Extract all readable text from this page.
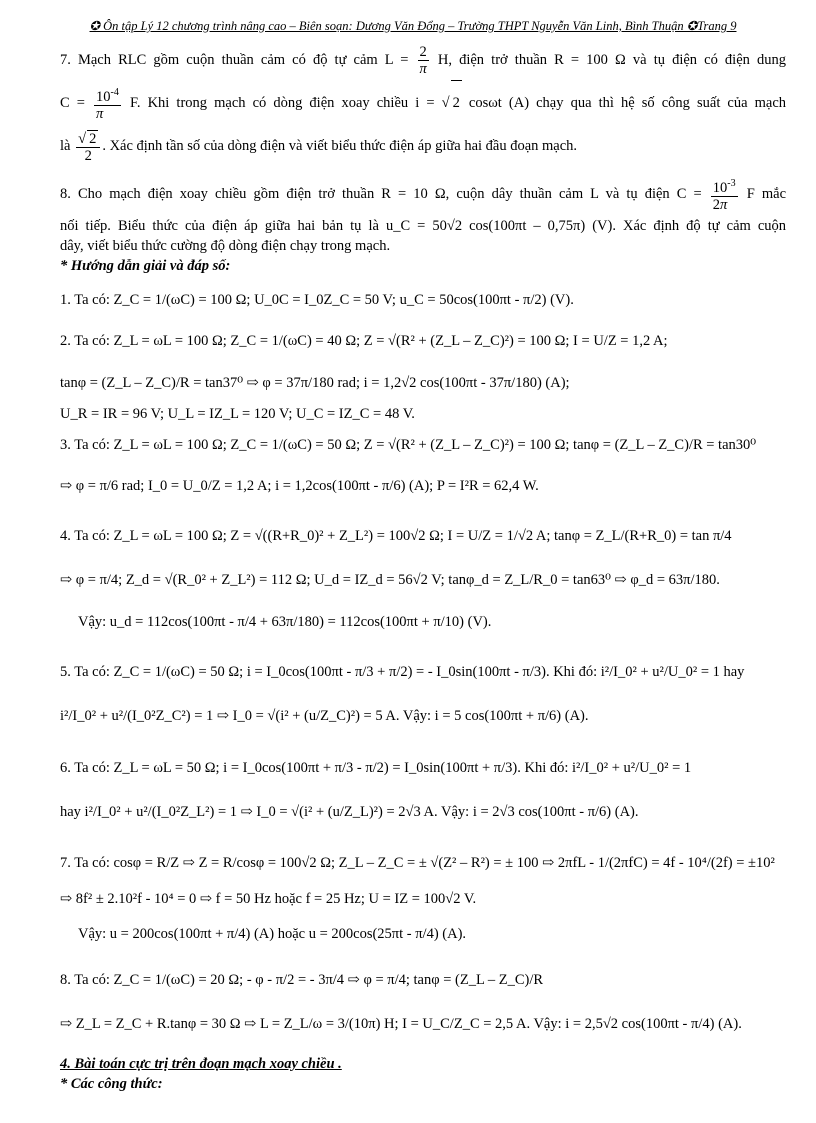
✪ Ôn tập Lý 12 chương trình nâng cao – Biên soạn: Dương Văn Đổng – Trường THPT Nguyễn Văn Linh, Bình Thuận ✪Trang 9
7. Mạch RLC gồm cuộn thuần cảm có độ tự cảm $L = \frac{2}{\pi} H$, điện trở thuần R = 100 Ω và tụ điện có điện dung
$C = \frac{10^{-4}}{\pi} F$. Khi trong mạch có dòng điện xoay chiều i = √ 2 cosωt (A) chạy qua thì hệ số công suất của mạch
là $\frac{√ 2}{2}$ . Xác định tần số của dòng điện và viết biểu thức điện áp giữa hai đầu đoạn mạch.
8. Cho mạch điện xoay chiều gồm điện trở thuần R = 10 Ω, cuộn dây thuần cảm L và tụ điện $C = \frac{10^{-3}}{2\pi}$ F mắc
nối tiếp. Biểu thức của điện áp giữa hai bản tụ là u_C = 50√2 cos(100πt – 0,75π) (V). Xác định độ tự cảm cuộn
dây, viết biểu thức cường độ dòng điện chạy trong mạch.
* Hướng dẫn giải và đáp số:
1. Ta có: Z_C = 1/(ωC) = 100 Ω; U_0C = I_0Z_C = 50 V; u_C = 50cos(100πt - π/2) (V).
2. Ta có: Z_L = ωL = 100 Ω; Z_C = 1/(ωC) = 40 Ω; Z = √(R² + (Z_L – Z_C)²) = 100 Ω; I = U/Z = 1,2 A;
tanφ = (Z_L – Z_C)/R = tan37⁰ ⇨ φ = 37π/180 rad; i = 1,2√2 cos(100πt - 37π/180) (A);
U_R = IR = 96 V; U_L = IZ_L = 120 V; U_C = IZ_C = 48 V.
3. Ta có: Z_L = ωL = 100 Ω; Z_C = 1/(ωC) = 50 Ω; Z = √(R² + (Z_L – Z_C)²) = 100 Ω; tanφ = (Z_L – Z_C)/R = tan30⁰
⇨ φ = π/6 rad; I_0 = U_0/Z = 1,2 A; i = 1,2cos(100πt - π/6) (A); P = I²R = 62,4 W.
4. Ta có: Z_L = ωL = 100 Ω; Z = √((R+R_0)² + Z_L²) = 100√2 Ω; I = U/Z = 1/√2 A; tanφ = Z_L/(R+R_0) = tan π/4
⇨ φ = π/4; Z_d = √(R_0² + Z_L²) = 112 Ω; U_d = IZ_d = 56√2 V; tanφ_d = Z_L/R_0 = tan63⁰ ⇨ φ_d = 63π/180.
Vậy: u_d = 112cos(100πt - π/4 + 63π/180) = 112cos(100πt + π/10) (V).
5. Ta có: Z_C = 1/(ωC) = 50 Ω; i = I_0cos(100πt - π/3 + π/2) = - I_0sin(100πt - π/3). Khi đó: i²/I_0² + u²/U_0² = 1 hay
i²/I_0² + u²/(I_0²Z_C²) = 1 ⇨ I_0 = √(i² + (u/Z_C)²) = 5 A. Vậy: i = 5 cos(100πt + π/6) (A).
6. Ta có: Z_L = ωL = 50 Ω; i = I_0cos(100πt + π/3 - π/2) = I_0sin(100πt + π/3). Khi đó: i²/I_0² + u²/U_0² = 1
hay i²/I_0² + u²/(I_0²Z_L²) = 1 ⇨ I_0 = √(i² + (u/Z_L)²) = 2√3 A. Vậy: i = 2√3 cos(100πt - π/6) (A).
7. Ta có: cosφ = R/Z ⇨ Z = R/cosφ = 100√2 Ω; Z_L – Z_C = ± √(Z² – R²) = ± 100 ⇨ 2πfL - 1/(2πfC) = 4f - 10⁴/(2f) = ±10²
⇨ 8f² ± 2.10²f - 10⁴ = 0 ⇨ f = 50 Hz hoặc f = 25 Hz; U = IZ = 100√2 V.
Vậy: u = 200cos(100πt + π/4) (A) hoặc u = 200cos(25πt - π/4) (A).
8. Ta có: Z_C = 1/(ωC) = 20 Ω; - φ - π/2 = - 3π/4 ⇨ φ = π/4; tanφ = (Z_L – Z_C)/R
⇨ Z_L = Z_C + R.tanφ = 30 Ω ⇨ L = Z_L/ω = 3/(10π) H; I = U_C/Z_C = 2,5 A. Vậy: i = 2,5√2 cos(100πt - π/4) (A).
4. Bài toán cực trị trên đoạn mạch xoay chiều .
* Các công thức:
